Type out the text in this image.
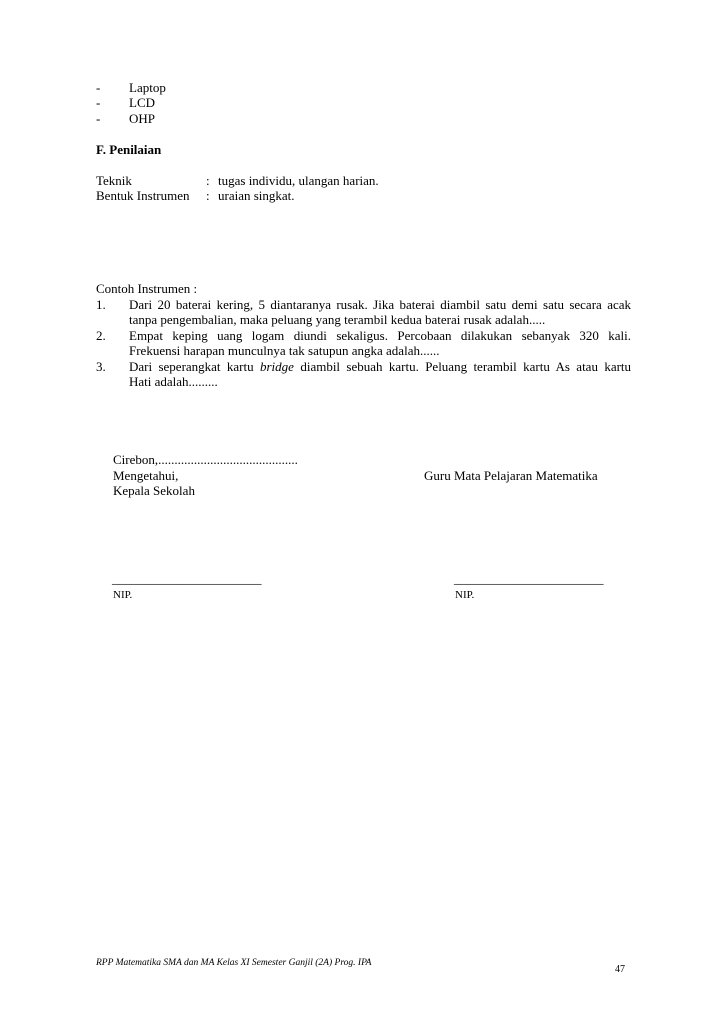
- Laptop
- LCD
- OHP
F. Penilaian
Teknik	: tugas individu, ulangan harian.
Bentuk Instrumen : uraian singkat.
Contoh Instrumen :
1. Dari 20 baterai kering, 5 diantaranya rusak. Jika baterai diambil satu demi satu secara acak
tanpa pengembalian, maka peluang yang terambil kedua baterai rusak adalah.....
2. Empat keping uang logam diundi sekaligus. Percobaan dilakukan sebanyak 320 kali.
Frekuensi harapan munculnya tak satupun angka adalah......
3. Dari seperangkat kartu bridge diambil sebuah kartu. Peluang terambil kartu As atau kartu
Hati adalah.........
Cirebon,...........................................
Mengetahui,
Kepala Sekolah
Guru Mata Pelajaran Matematika
_______________________
NIP.
_______________________
NIP.
RPP Matematika SMA dan MA Kelas XI Semester Ganjil (2A) Prog. IPA
47
